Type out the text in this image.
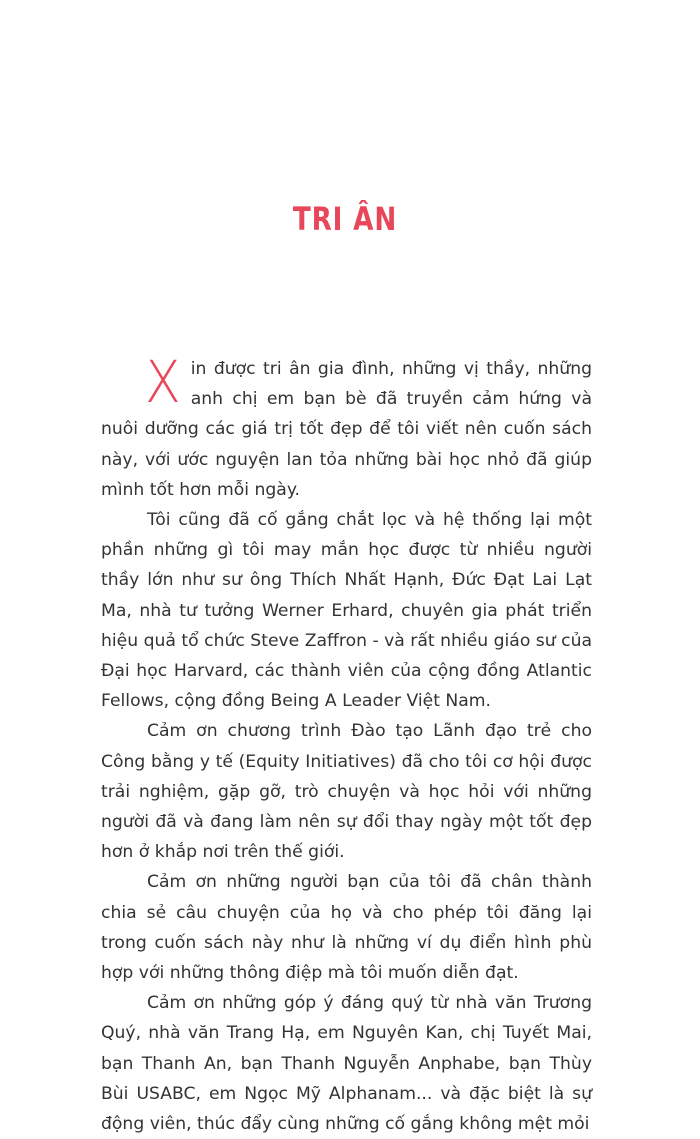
TRI ÂN

Xin được tri ân gia đình, những vị thầy, những anh chị em bạn bè đã truyền cảm hứng và nuôi dưỡng các giá trị tốt đẹp để tôi viết nên cuốn sách này, với ước nguyện lan tỏa những bài học nhỏ đã giúp mình tốt hơn mỗi ngày.

Tôi cũng đã cố gắng chắt lọc và hệ thống lại một phần những gì tôi may mắn học được từ nhiều người thầy lớn như sư ông Thích Nhất Hạnh, Đức Đạt Lai Lạt Ma, nhà tư tưởng Werner Erhard, chuyên gia phát triển hiệu quả tổ chức Steve Zaffron - và rất nhiều giáo sư của Đại học Harvard, các thành viên của cộng đồng Atlantic Fellows, cộng đồng Being A Leader Việt Nam.

Cảm ơn chương trình Đào tạo Lãnh đạo trẻ cho Công bằng y tế (Equity Initiatives) đã cho tôi cơ hội được trải nghiệm, gặp gỡ, trò chuyện và học hỏi với những người đã và đang làm nên sự đổi thay ngày một tốt đẹp hơn ở khắp nơi trên thế giới.

Cảm ơn những người bạn của tôi đã chân thành chia sẻ câu chuyện của họ và cho phép tôi đăng lại trong cuốn sách này như là những ví dụ điển hình phù hợp với những thông điệp mà tôi muốn diễn đạt.

Cảm ơn những góp ý đáng quý từ nhà văn Trương Quý, nhà văn Trang Hạ, em Nguyên Kan, chị Tuyết Mai, bạn Thanh An, bạn Thanh Nguyễn Anphabe, bạn Thùy Bùi USABC, em Ngọc Mỹ Alphanam... và đặc biệt là sự động viên, thúc đẩy cùng những cố gắng không mệt mỏi
